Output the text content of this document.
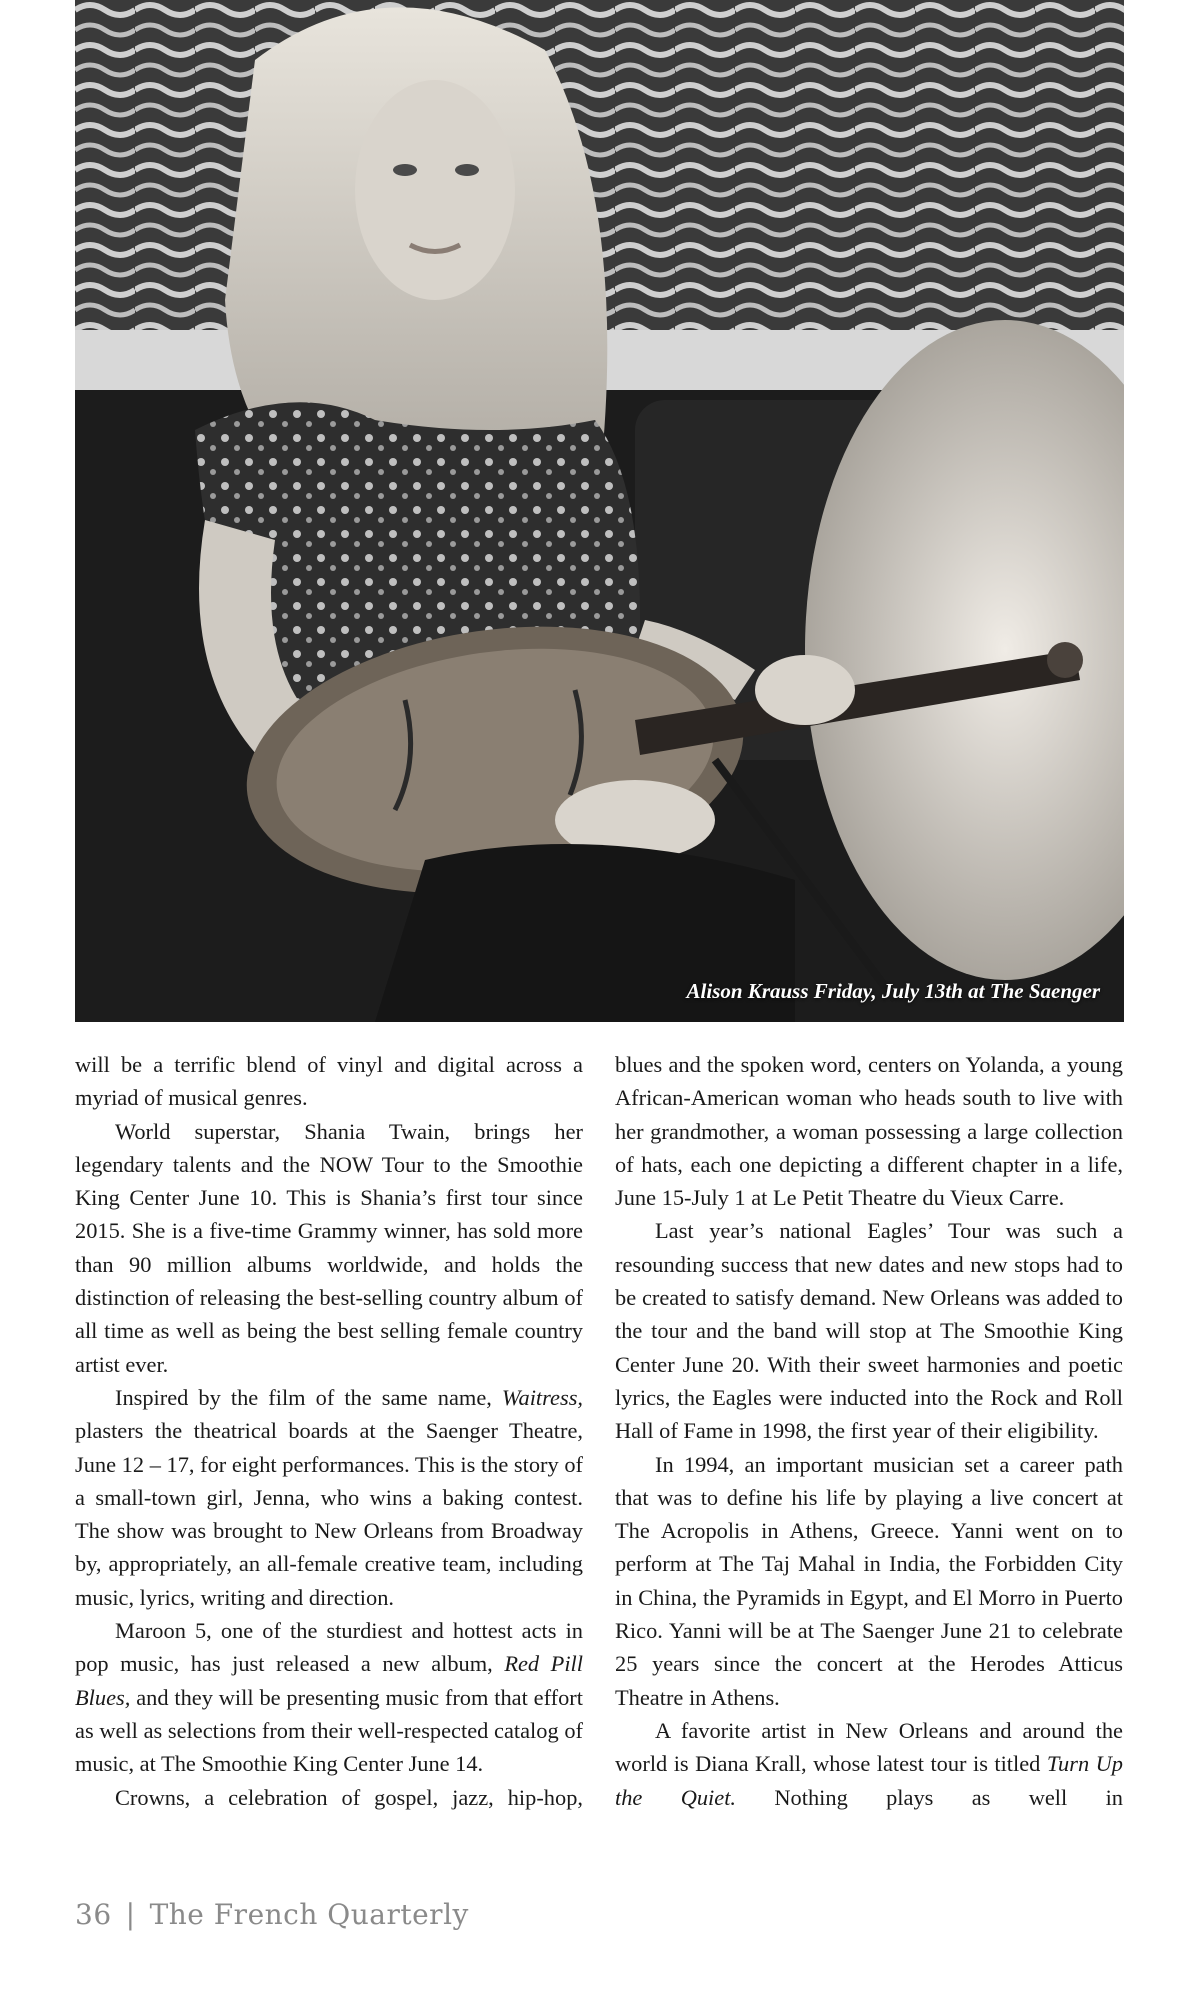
Alison Krauss Friday, July 13th at The Saenger

will be a terrific blend of vinyl and digital across a myriad of musical genres.

World superstar, Shania Twain, brings her legendary talents and the NOW Tour to the Smoothie King Center June 10. This is Shania’s first tour since 2015. She is a five-time Grammy winner, has sold more than 90 million albums worldwide, and holds the distinction of releasing the best-selling country album of all time as well as being the best selling female country artist ever.

Inspired by the film of the same name, Waitress, plasters the theatrical boards at the Saenger Theatre, June 12 – 17, for eight performances. This is the story of a small-town girl, Jenna, who wins a baking contest. The show was brought to New Orleans from Broadway by, appropriately, an all-female creative team, including music, lyrics, writing and direction.

Maroon 5, one of the sturdiest and hottest acts in pop music, has just released a new album, Red Pill Blues, and they will be presenting music from that effort as well as selections from their well-respected catalog of music, at The Smoothie King Center June 14.

Crowns, a celebration of gospel, jazz, hip-hop,

blues and the spoken word, centers on Yolanda, a young African-American woman who heads south to live with her grandmother, a woman possessing a large collection of hats, each one depicting a different chapter in a life, June 15-July 1 at Le Petit Theatre du Vieux Carre.

Last year’s national Eagles’ Tour was such a resounding success that new dates and new stops had to be created to satisfy demand. New Orleans was added to the tour and the band will stop at The Smoothie King Center June 20. With their sweet harmonies and poetic lyrics, the Eagles were inducted into the Rock and Roll Hall of Fame in 1998, the first year of their eligibility.

In 1994, an important musician set a career path that was to define his life by playing a live concert at The Acropolis in Athens, Greece. Yanni went on to perform at The Taj Mahal in India, the Forbidden City in China, the Pyramids in Egypt, and El Morro in Puerto Rico. Yanni will be at The Saenger June 21 to celebrate 25 years since the concert at the Herodes Atticus Theatre in Athens.

A favorite artist in New Orleans and around the world is Diana Krall, whose latest tour is titled Turn Up the Quiet. Nothing plays as well in

36 | The French Quarterly
